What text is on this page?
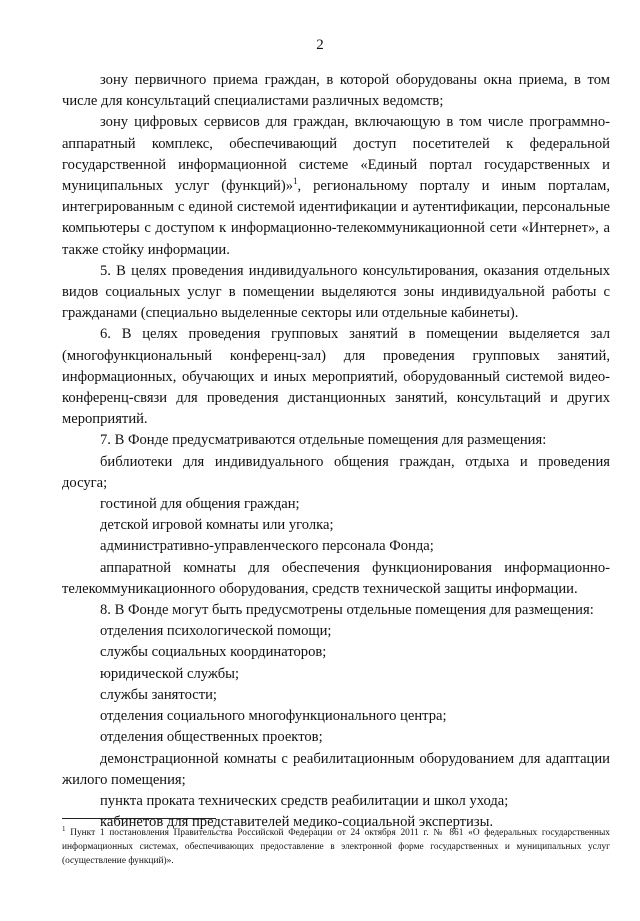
2

зону первичного приема граждан, в которой оборудованы окна приема, в том числе для консультаций специалистами различных ведомств;

зону цифровых сервисов для граждан, включающую в том числе программно-аппаратный комплекс, обеспечивающий доступ посетителей к федеральной государственной информационной системе «Единый портал государственных и муниципальных услуг (функций)»$^1$, региональному порталу и иным порталам, интегрированным с единой системой идентификации и аутентификации, персональные компьютеры с доступом к информационно-телекоммуникационной сети «Интернет», а также стойку информации.

5. В целях проведения индивидуального консультирования, оказания отдельных видов социальных услуг в помещении выделяются зоны индивидуальной работы с гражданами (специально выделенные секторы или отдельные кабинеты).

6. В целях проведения групповых занятий в помещении выделяется зал (многофункциональный конференц-зал) для проведения групповых занятий, информационных, обучающих и иных мероприятий, оборудованный системой видео-конференц-связи для проведения дистанционных занятий, консультаций и других мероприятий.

7. В Фонде предусматриваются отдельные помещения для размещения:

библиотеки для индивидуального общения граждан, отдыха и проведения досуга;

гостиной для общения граждан;

детской игровой комнаты или уголка;

административно-управленческого персонала Фонда;

аппаратной комнаты для обеспечения функционирования информационно-телекоммуникационного оборудования, средств технической защиты информации.

8. В Фонде могут быть предусмотрены отдельные помещения для размещения:

отделения психологической помощи;

службы социальных координаторов;

юридической службы;

службы занятости;

отделения социального многофункционального центра;

отделения общественных проектов;

демонстрационной комнаты с реабилитационным оборудованием для адаптации жилого помещения;

пункта проката технических средств реабилитации и школ ухода;

кабинетов для представителей медико-социальной экспертизы.

$^1$ Пункт 1 постановления Правительства Российской Федерации от 24 октября 2011 г. № 861 «О федеральных государственных информационных системах, обеспечивающих предоставление в электронной форме государственных и муниципальных услуг (осуществление функций)».
